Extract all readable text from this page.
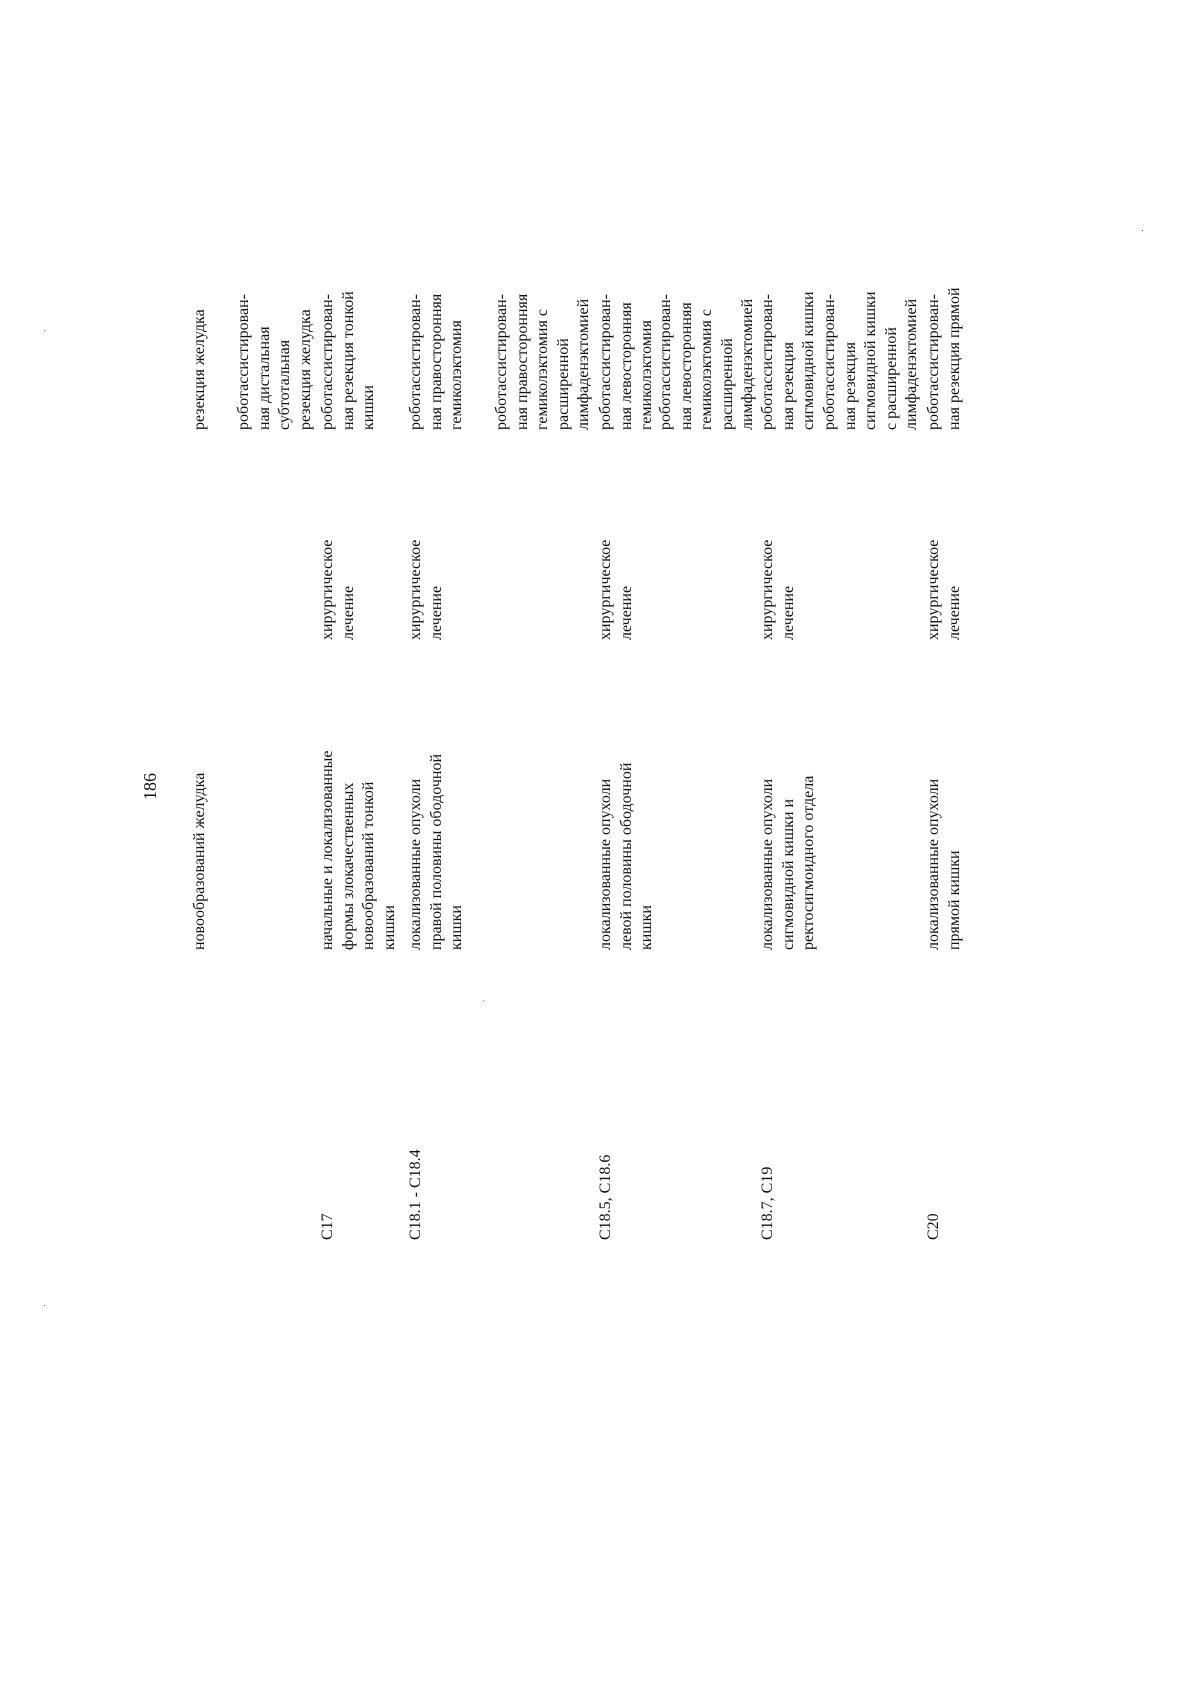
186 новообразований желудка
резекция желудка роботассистирован-
ная дистальная
субтотальная
резекция желудка
C17
начальные и локализованные
формы злокачественных
новообразований тонкой
кишки
хирургическое
лечение
роботассистирован-
ная резекция тонкой
кишки
C18.1 - C18.4
локализованные опухоли
правой половины ободочной
кишки
хирургическое
лечение
роботассистирован-
ная правосторонняя
гемиколэктомия роботассистирован-
ная правосторонняя
гемиколэктомия с
расширенной
лимфаденэктомией
C18.5, C18.6
локализованные опухоли
левой половины ободочной
кишки
хирургическое
лечение
роботассистирован-
ная левосторонняя
гемиколэктомия роботассистирован-
ная левосторонняя
гемиколэктомия с
расширенной
лимфаденэктомией
C18.7, C19
локализованные опухоли
сигмовидной кишки и
ректосигмоидного отдела
хирургическое
лечение
роботассистирован-
ная резекция
сигмовидной кишки роботассистирован-
ная резекция
сигмовидной кишки
с расширенной
лимфаденэктомией
C20
локализованные опухоли
прямой кишки
хирургическое
лечение
роботассистирован-
ная резекция прямой
